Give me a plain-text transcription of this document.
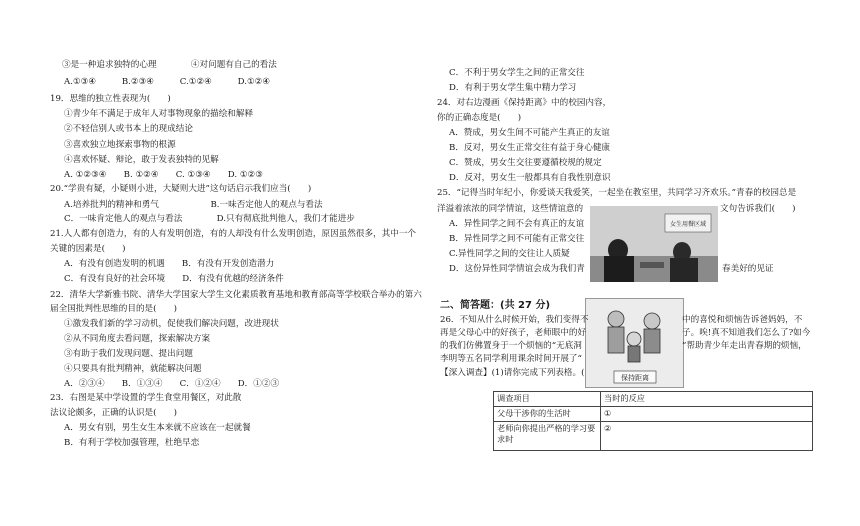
③是一种追求独特的心理　　　　④对问题有自己的看法
A.①③④　　　B.②③④　　　C.①②④　　　D.①②④
19．思维的独立性表现为(　　)
①青少年不满足于成年人对事物现象的描绘和解释
②不轻信别人或书本上的现成结论
③喜欢独立地探索事物的根源
④喜欢怀疑、辩论，敢于发表独特的见解
A. ①②③④　　B. ①②④　　C. ①③④　　D. ①②③
20.“学贵有疑，小疑则小进，大疑则大进”这句话启示我们应当(　　)
A.培养批判的精神和勇气　　　　　　B.一味否定他人的观点与看法
C．一味肯定他人的观点与看法　　　　D.只有彻底批判他人，我们才能进步
21.人人都有创造力，有的人有发明创造，有的人却没有什么发明创造，原因虽然很多，其中一个
关键的因素是(　　)
A．有没有创造发明的机遇　　B．有没有开发创造潜力
C．有没有良好的社会环境　　D．有没有优越的经济条件
22．清华大学新雅书院、清华大学国家大学生文化素质教育基地和教育部高等学校联合举办的第六
届全国批判性思维的目的是(　　)
①激发我们新的学习动机，促使我们解决问题，改进现状
②从不同角度去看问题，探索解决方案
③有助于我们发现问题、提出问题
④只要具有批判精神，就能解决问题
A．②③④　　B．①③④　　C．①②④　　D．①②③
23．右图是某中学设置的学生食堂用餐区，对此散
法议论颇多，正确的认识是(　　)
A．男女有别，男生女生本来就不应该在一起就餐
B．有利于学校加强管理，杜绝早恋
C．不利于男女学生之间的正常交往
D．有利于男女学生集中精力学习
24．对右边漫画《保持距离》中的校园内容，
你的正确态度是(　　)
A．赞成，男女生间不可能产生真正的友谊
B．反对，男女生正常交往有益于身心健康
C．赞成，男女生交往要遵循校规的规定
D．反对，男女生一般都具有自我性别意识
25．“记得当时年纪小，你爱谈天我爱笑，一起坐在教室里，共同学习齐欢乐。”青春的校园总是
洋溢着浓浓的同学情谊，这些情谊意的	文句告诉我们(　　)
A．异性同学之间不会有真正的友谊
B．异性同学之间不可能有正常交往
C.异性同学之间的交往让人质疑
D．这份异性同学情谊会成为我们青	春美好的见证
女生用餐区域
保持距离
二、简答题：(共 27 分)
26．不知从什么时候开始，我们变得不	中的喜悦和烦恼告诉爸妈妈，不
再是父母心中的好孩子，老师眼中的好	子。唉!真不知道我们怎么了?如今
的我们仿佛置身于一个烦恼的“无底洞	”帮助青少年走出青春期的烦恼，
李明等五名同学利用课余时间开展了“
【深入调查】(1)请你完成下列表格。(
调查项目	当时的反应
父母干涉你的生活时	①
老师向你提出严格的学习要求时	②
